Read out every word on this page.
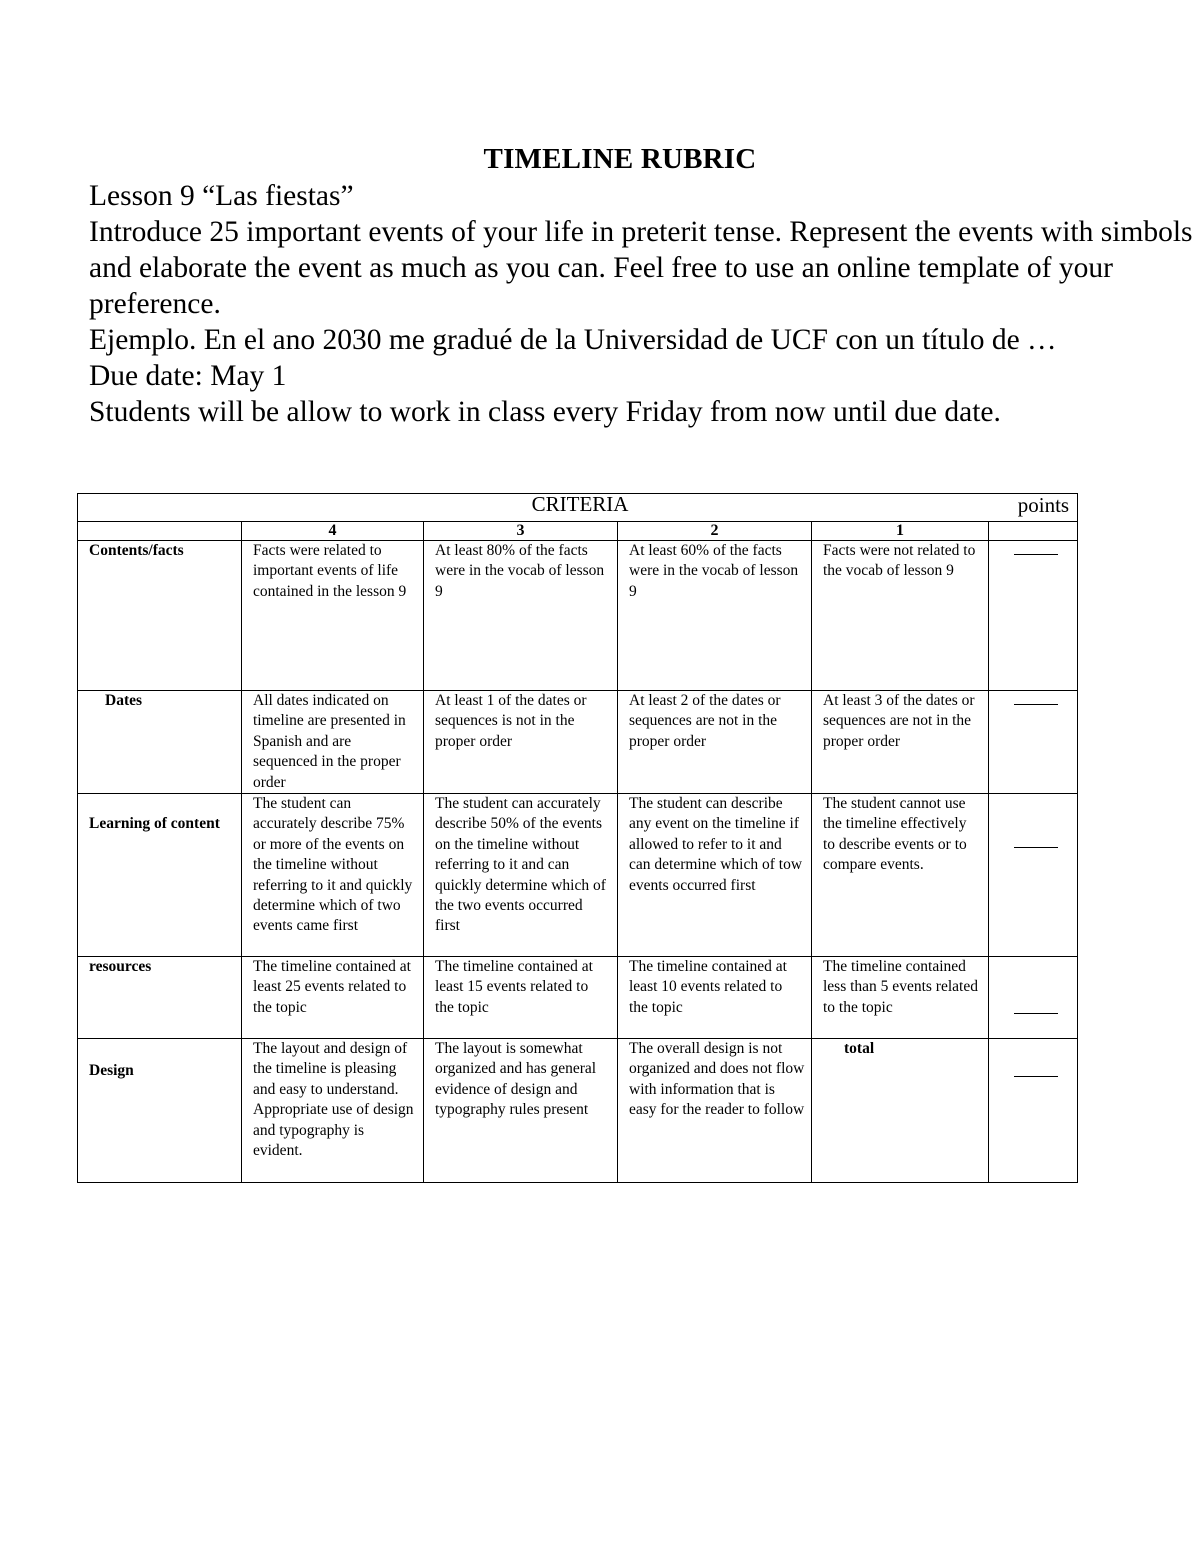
TIMELINE RUBRIC

Lesson 9 “Las fiestas”

Introduce 25 important events of your life in preterit tense. Represent the events with simbols and elaborate the event as much as you can. Feel free to use an online template of your preference.

Ejemplo. En el ano 2030 me gradué de la Universidad de UCF con un título de …

Due date: May 1

Students will be allow to work in class every Friday from now until due date.

CRITERIA points					

	4	3	2	1	
Contents/facts	Facts were related to important events of life contained in the lesson 9	At least 80% of the facts were in the vocab of lesson 9	At least 60% of the facts were in the vocab of lesson 9	Facts were not related to the vocab of lesson 9	
Dates	All dates indicated on timeline are presented in Spanish and are sequenced in the proper order	At least 1 of the dates or sequences is not in the proper order	At least 2 of the dates or sequences are not in the proper order	At least 3 of the dates or sequences are not in the proper order	
Learning of content	The student can accurately describe 75% or more of the events on the timeline without referring to it and quickly determine which of two events came first	The student can accurately describe 50% of the events on the timeline without referring to it and can quickly determine which of the two events occurred first	The student can describe any event on the timeline if allowed to refer to it and can determine which of tow events occurred first	The student cannot use the timeline effectively to describe events or to compare events.	
resources	The timeline contained at least 25 events related to the topic	The timeline contained at least 15 events related to the topic	The timeline contained at least 10 events related to the topic	The timeline contained less than 5 events related to the topic	
Design	The layout and design of the timeline is pleasing and easy to understand. Appropriate use of design and typography is evident.	The layout is somewhat organized and has general evidence of design and typography rules present	The overall design is not organized and does not flow with information that is easy for the reader to follow	total	
